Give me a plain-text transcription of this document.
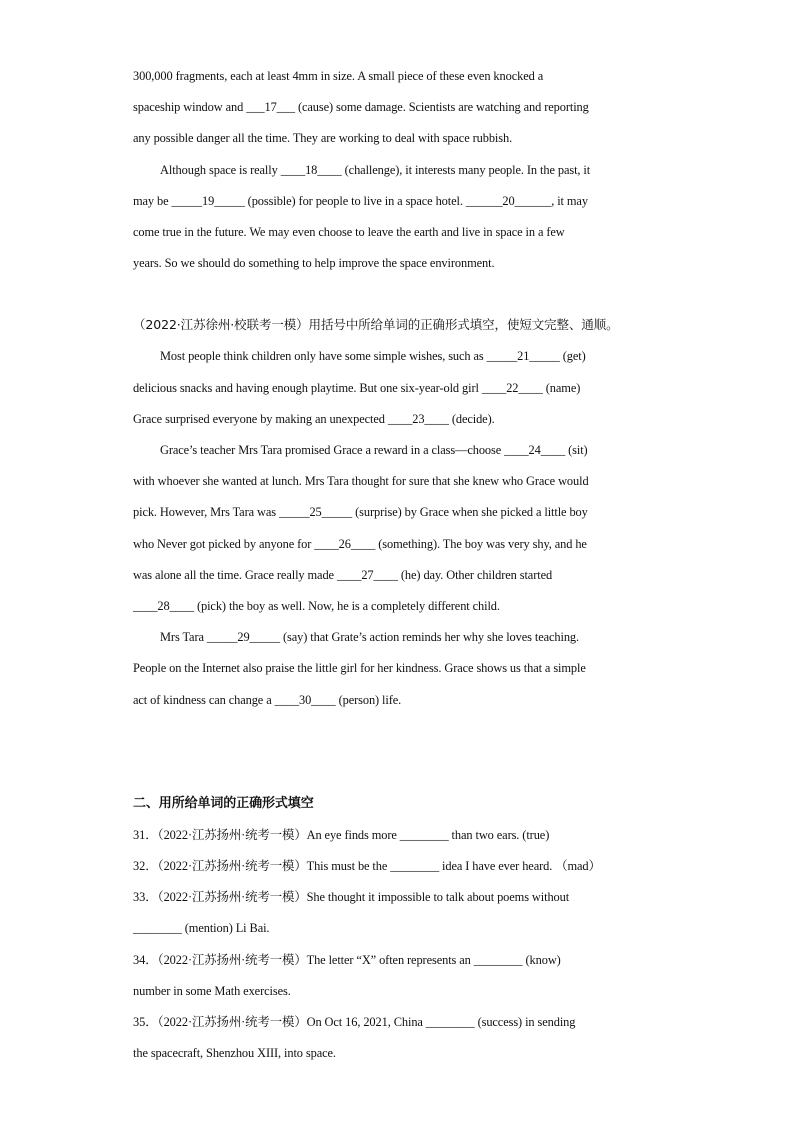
300,000 fragments, each at least 4mm in size. A small piece of these even knocked a
spaceship window and ___17___ (cause) some damage. Scientists are watching and reporting
any possible danger all the time. They are working to deal with space rubbish.
Although space is really ____18____ (challenge), it interests many people. In the past, it
may be _____19_____ (possible) for people to live in a space hotel. ______20______, it may
come true in the future. We may even choose to leave the earth and live in space in a few
years. So we should do something to help improve the space environment.
（2022·江苏徐州·校联考一模）用括号中所给单词的正确形式填空，使短文完整、通顺。
Most people think children only have some simple wishes, such as _____21_____ (get)
delicious snacks and having enough playtime. But one six-year-old girl ____22____ (name)
Grace surprised everyone by making an unexpected ____23____ (decide).
Grace’s teacher Mrs Tara promised Grace a reward in a class—choose ____24____ (sit)
with whoever she wanted at lunch. Mrs Tara thought for sure that she knew who Grace would
pick. However, Mrs Tara was _____25_____ (surprise) by Grace when she picked a little boy
who Never got picked by anyone for ____26____ (something). The boy was very shy, and he
was alone all the time. Grace really made ____27____ (he) day. Other children started
____28____ (pick) the boy as well. Now, he is a completely different child.
Mrs Tara _____29_____ (say) that Grate’s action reminds her why she loves teaching.
People on the Internet also praise the little girl for her kindness. Grace shows us that a simple
act of kindness can change a ____30____ (person) life.
二、用所给单词的正确形式填空
31．（2022·江苏扬州·统考一模）An eye finds more ________ than two ears. (true)
32．（2022·江苏扬州·统考一模）This must be the ________ idea I have ever heard. （mad）
33．（2022·江苏扬州·统考一模）She thought it impossible to talk about poems without
________ (mention) Li Bai.
34．（2022·江苏扬州·统考一模）The letter “X” often represents an ________ (know)
number in some Math exercises.
35．（2022·江苏扬州·统考一模）On Oct 16, 2021, China ________ (success) in sending
the spacecraft, Shenzhou XIII, into space.
